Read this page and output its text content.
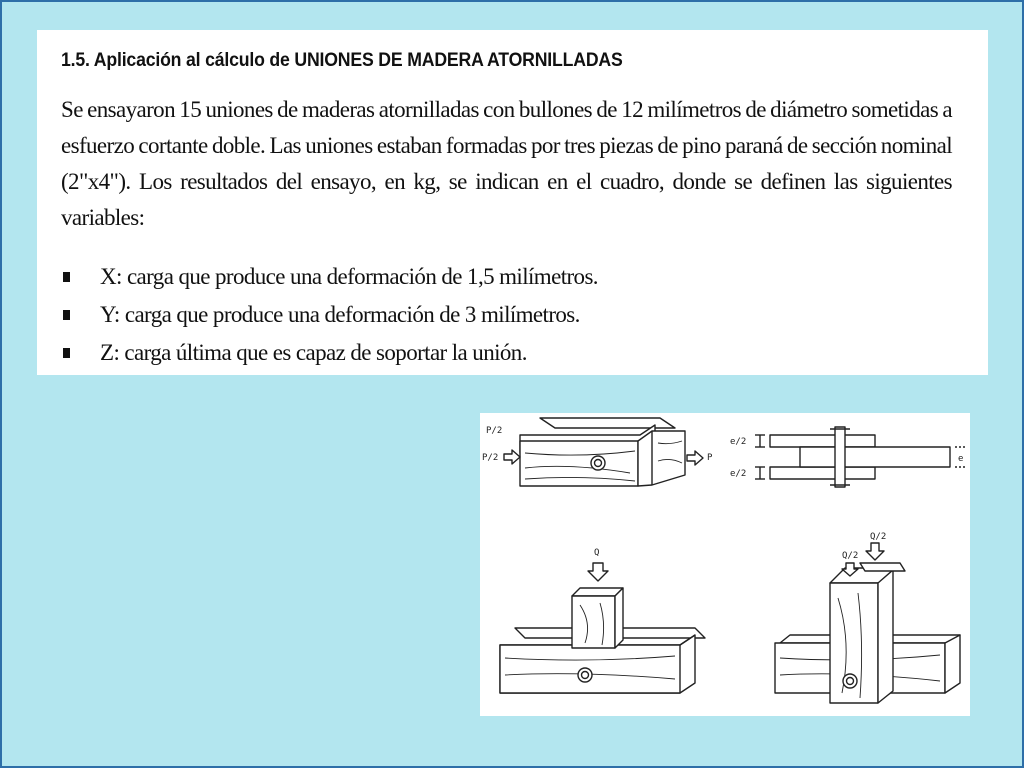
1.5. Aplicación al cálculo de UNIONES DE MADERA ATORNILLADAS

Se ensayaron 15 uniones de maderas atornilladas con bullones de 12 milímetros de diámetro sometidas a esfuerzo cortante doble. Las uniones estaban formadas por tres piezas de pino paraná de sección nominal (2"x4"). Los resultados del ensayo, en kg, se indican en el cuadro, donde se definen las siguientes variables:

X: carga que produce una deformación de 1,5 milímetros.
Y: carga que produce una deformación de 3 milímetros.
Z: carga última que es capaz de soportar la unión.
P/2
P/2	P
e/2
e/2
e
Q
Q/2
Q/2
